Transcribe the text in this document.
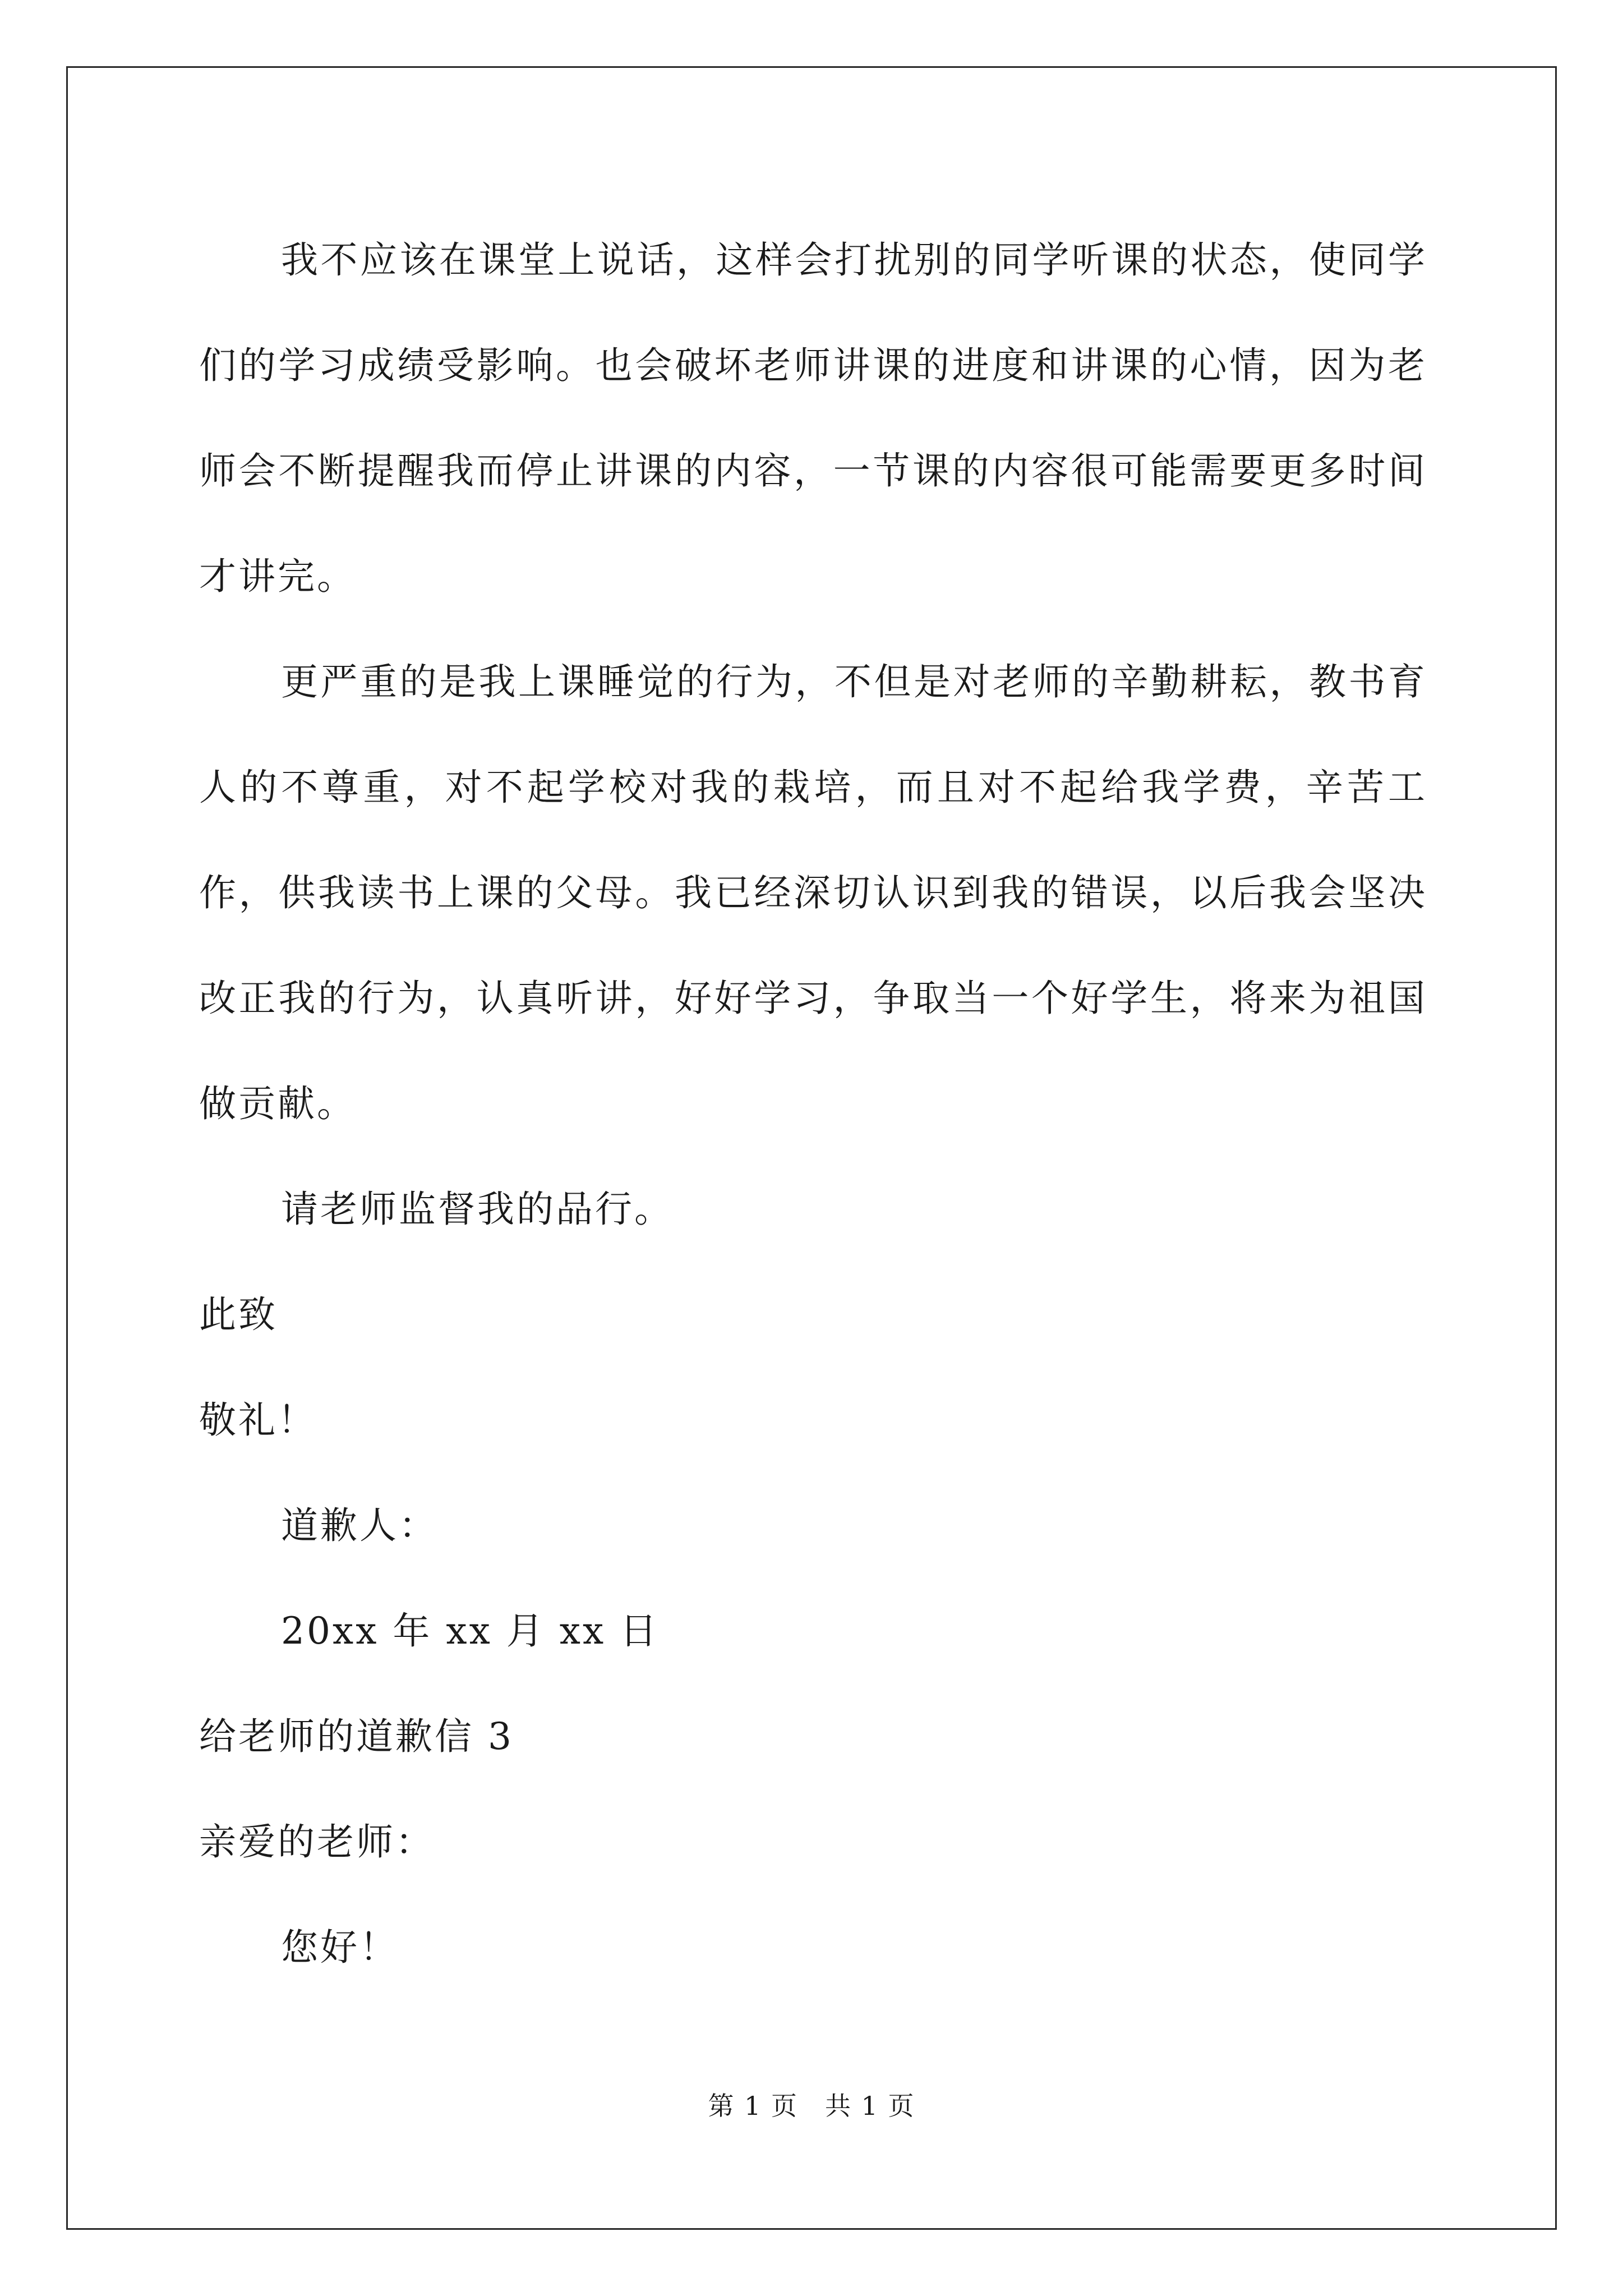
我不应该在课堂上说话，这样会打扰别的同学听课的状态，使同学们的学习成绩受影响。也会破坏老师讲课的进度和讲课的心情，因为老师会不断提醒我而停止讲课的内容，一节课的内容很可能需要更多时间才讲完。

更严重的是我上课睡觉的行为，不但是对老师的辛勤耕耘，教书育人的不尊重，对不起学校对我的栽培，而且对不起给我学费，辛苦工作，供我读书上课的父母。我已经深切认识到我的错误，以后我会坚决改正我的行为，认真听讲，好好学习，争取当一个好学生，将来为祖国做贡献。

请老师监督我的品行。

此致

敬礼！

道歉人：

20xx 年 xx 月 xx 日

给老师的道歉信 3

亲爱的老师：

您好！

第 1 页　共 1 页
